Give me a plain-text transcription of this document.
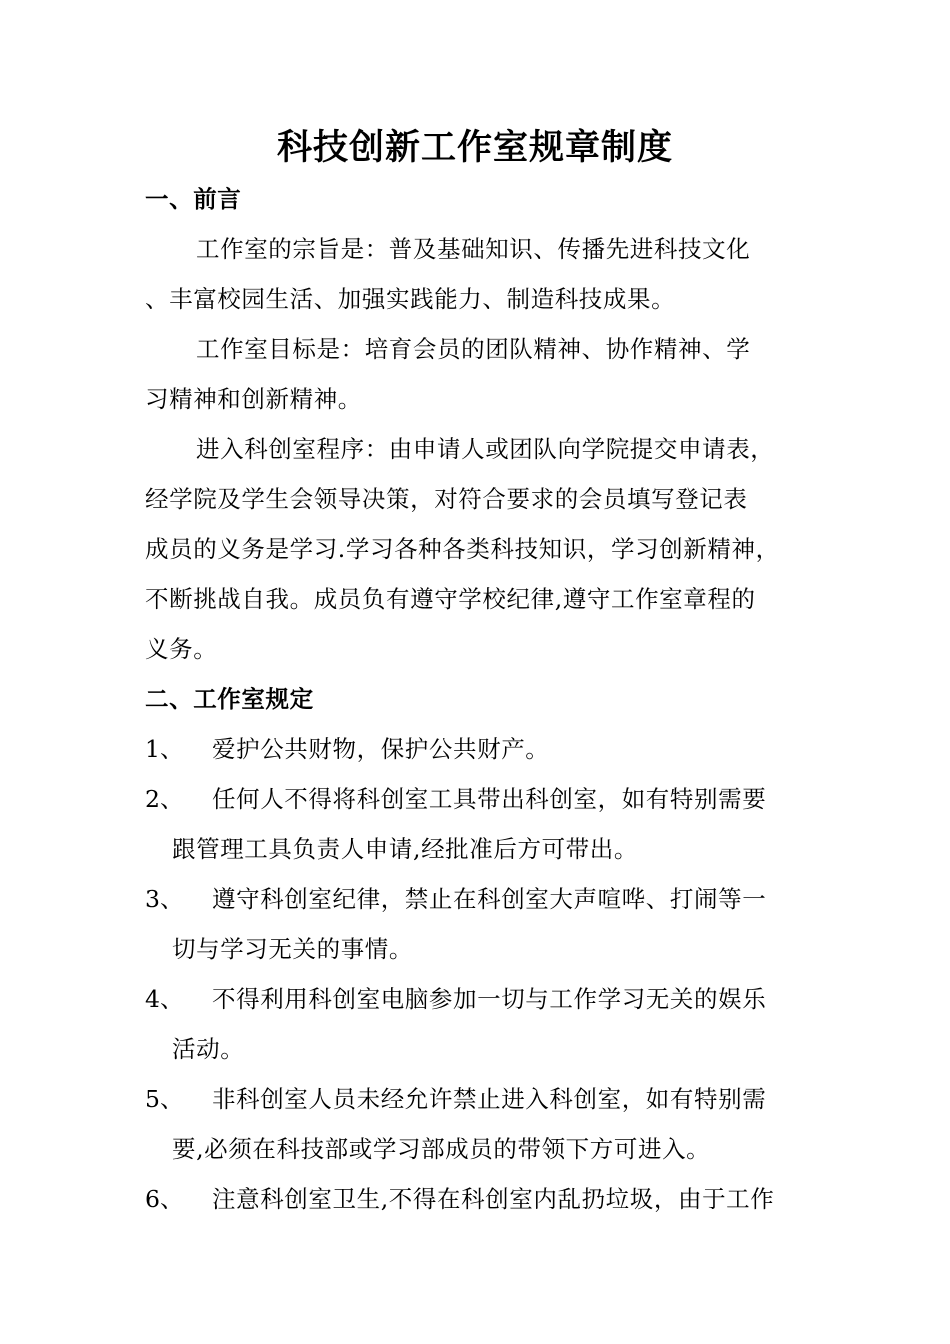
科技创新工作室规章制度
一、前言
工作室的宗旨是：普及基础知识、传播先进科技文化
、丰富校园生活、加强实践能力、制造科技成果。
工作室目标是：培育会员的团队精神、协作精神、学
习精神和创新精神。
进入科创室程序：由申请人或团队向学院提交申请表，
经学院及学生会领导决策，对符合要求的会员填写登记表
成员的义务是学习.学习各种各类科技知识，学习创新精神，
不断挑战自我。成员负有遵守学校纪律,遵守工作室章程的
义务。
二、工作室规定
1、 爱护公共财物，保护公共财产。
2、 任何人不得将科创室工具带出科创室，如有特别需要
跟管理工具负责人申请,经批准后方可带出。
3、 遵守科创室纪律，禁止在科创室大声喧哗、打闹等一
切与学习无关的事情。
4、 不得利用科创室电脑参加一切与工作学习无关的娱乐
活动。
5、 非科创室人员未经允许禁止进入科创室，如有特别需
要,必须在科技部或学习部成员的带领下方可进入。
6、 注意科创室卫生,不得在科创室内乱扔垃圾，由于工作
